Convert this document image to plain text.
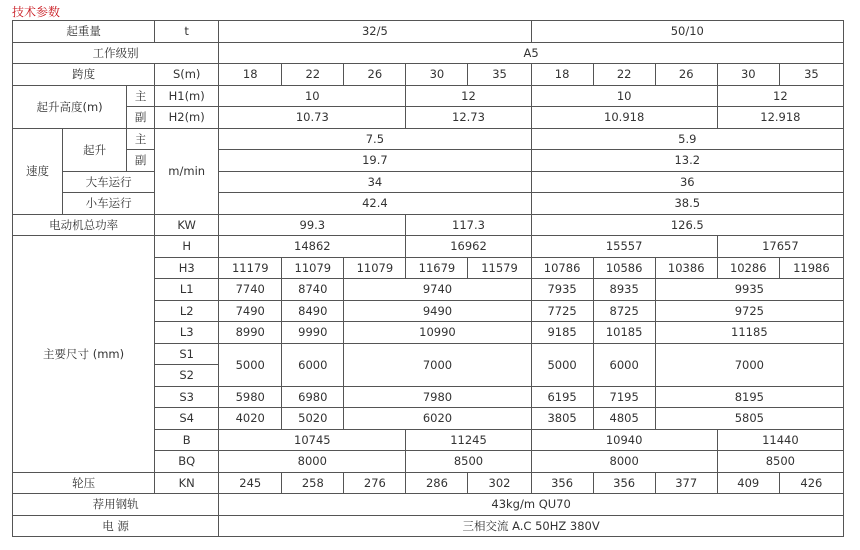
技术参数
起重量			t	32/5					50/10				
工作级别				A5									
跨度			S(m)	18	22	26	30	35	18	22	26	30	35
起升高度(m)		主	H1(m)	10			12		10			12	
		副	H2(m)	10.73			12.73		10.918			12.918	
速度	起升	主	m/min	7.5					5.9				
		副		19.7					13.2				
	大车运行			34					36				
	小车运行			42.4					38.5				
电动机总功率			KW	99.3			117.3		126.5				
主要尺寸 (mm)			H	14862			16962		15557			17657	
			H3	11179	11079	11079	11679	11579	10786	10586	10386	10286	11986
			L1	7740	8740	9740			7935	8935	9935		
			L2	7490	8490	9490			7725	8725	9725		
			L3	8990	9990	10990			9185	10185	11185		
			S1	5000	6000	7000			5000	6000	7000		
			S2										
			S3	5980	6980	7980			6195	7195	8195		
			S4	4020	5020	6020			3805	4805	5805		
			B	10745			11245		10940			11440	
			BQ	8000			8500		8000			8500	
轮压			KN	245	258	276	286	302	356	356	377	409	426
荐用钢轨				43kg/m QU70									
电 源				三相交流 A.C 50HZ 380V									
